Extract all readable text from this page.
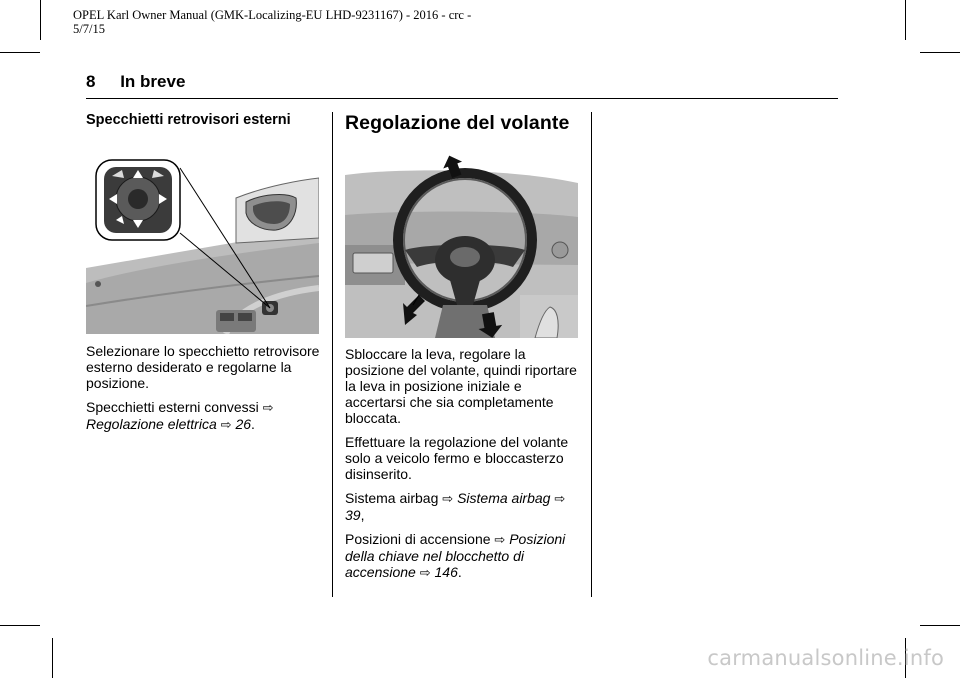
OPEL Karl Owner Manual (GMK-Localizing-EU LHD-9231167) - 2016 - crc -
5/7/15
8 In breve
Specchietti retrovisori esterni

Selezionare lo specchietto retrovisore esterno desiderato e regolarne la posizione.

Specchietti esterni convessi ⇨
Regolazione elettrica ⇨ 26.

Regolazione del volante

Sbloccare la leva, regolare la posizione del volante, quindi riportare la leva in posizione iniziale e accertarsi che sia completamente bloccata.

Effettuare la regolazione del volante solo a veicolo fermo e bloccasterzo disinserito.

Sistema airbag ⇨ Sistema airbag ⇨ 39,

Posizioni di accensione ⇨ Posizioni della chiave nel blocchetto di accensione ⇨ 146.

carmanualsonline.info
